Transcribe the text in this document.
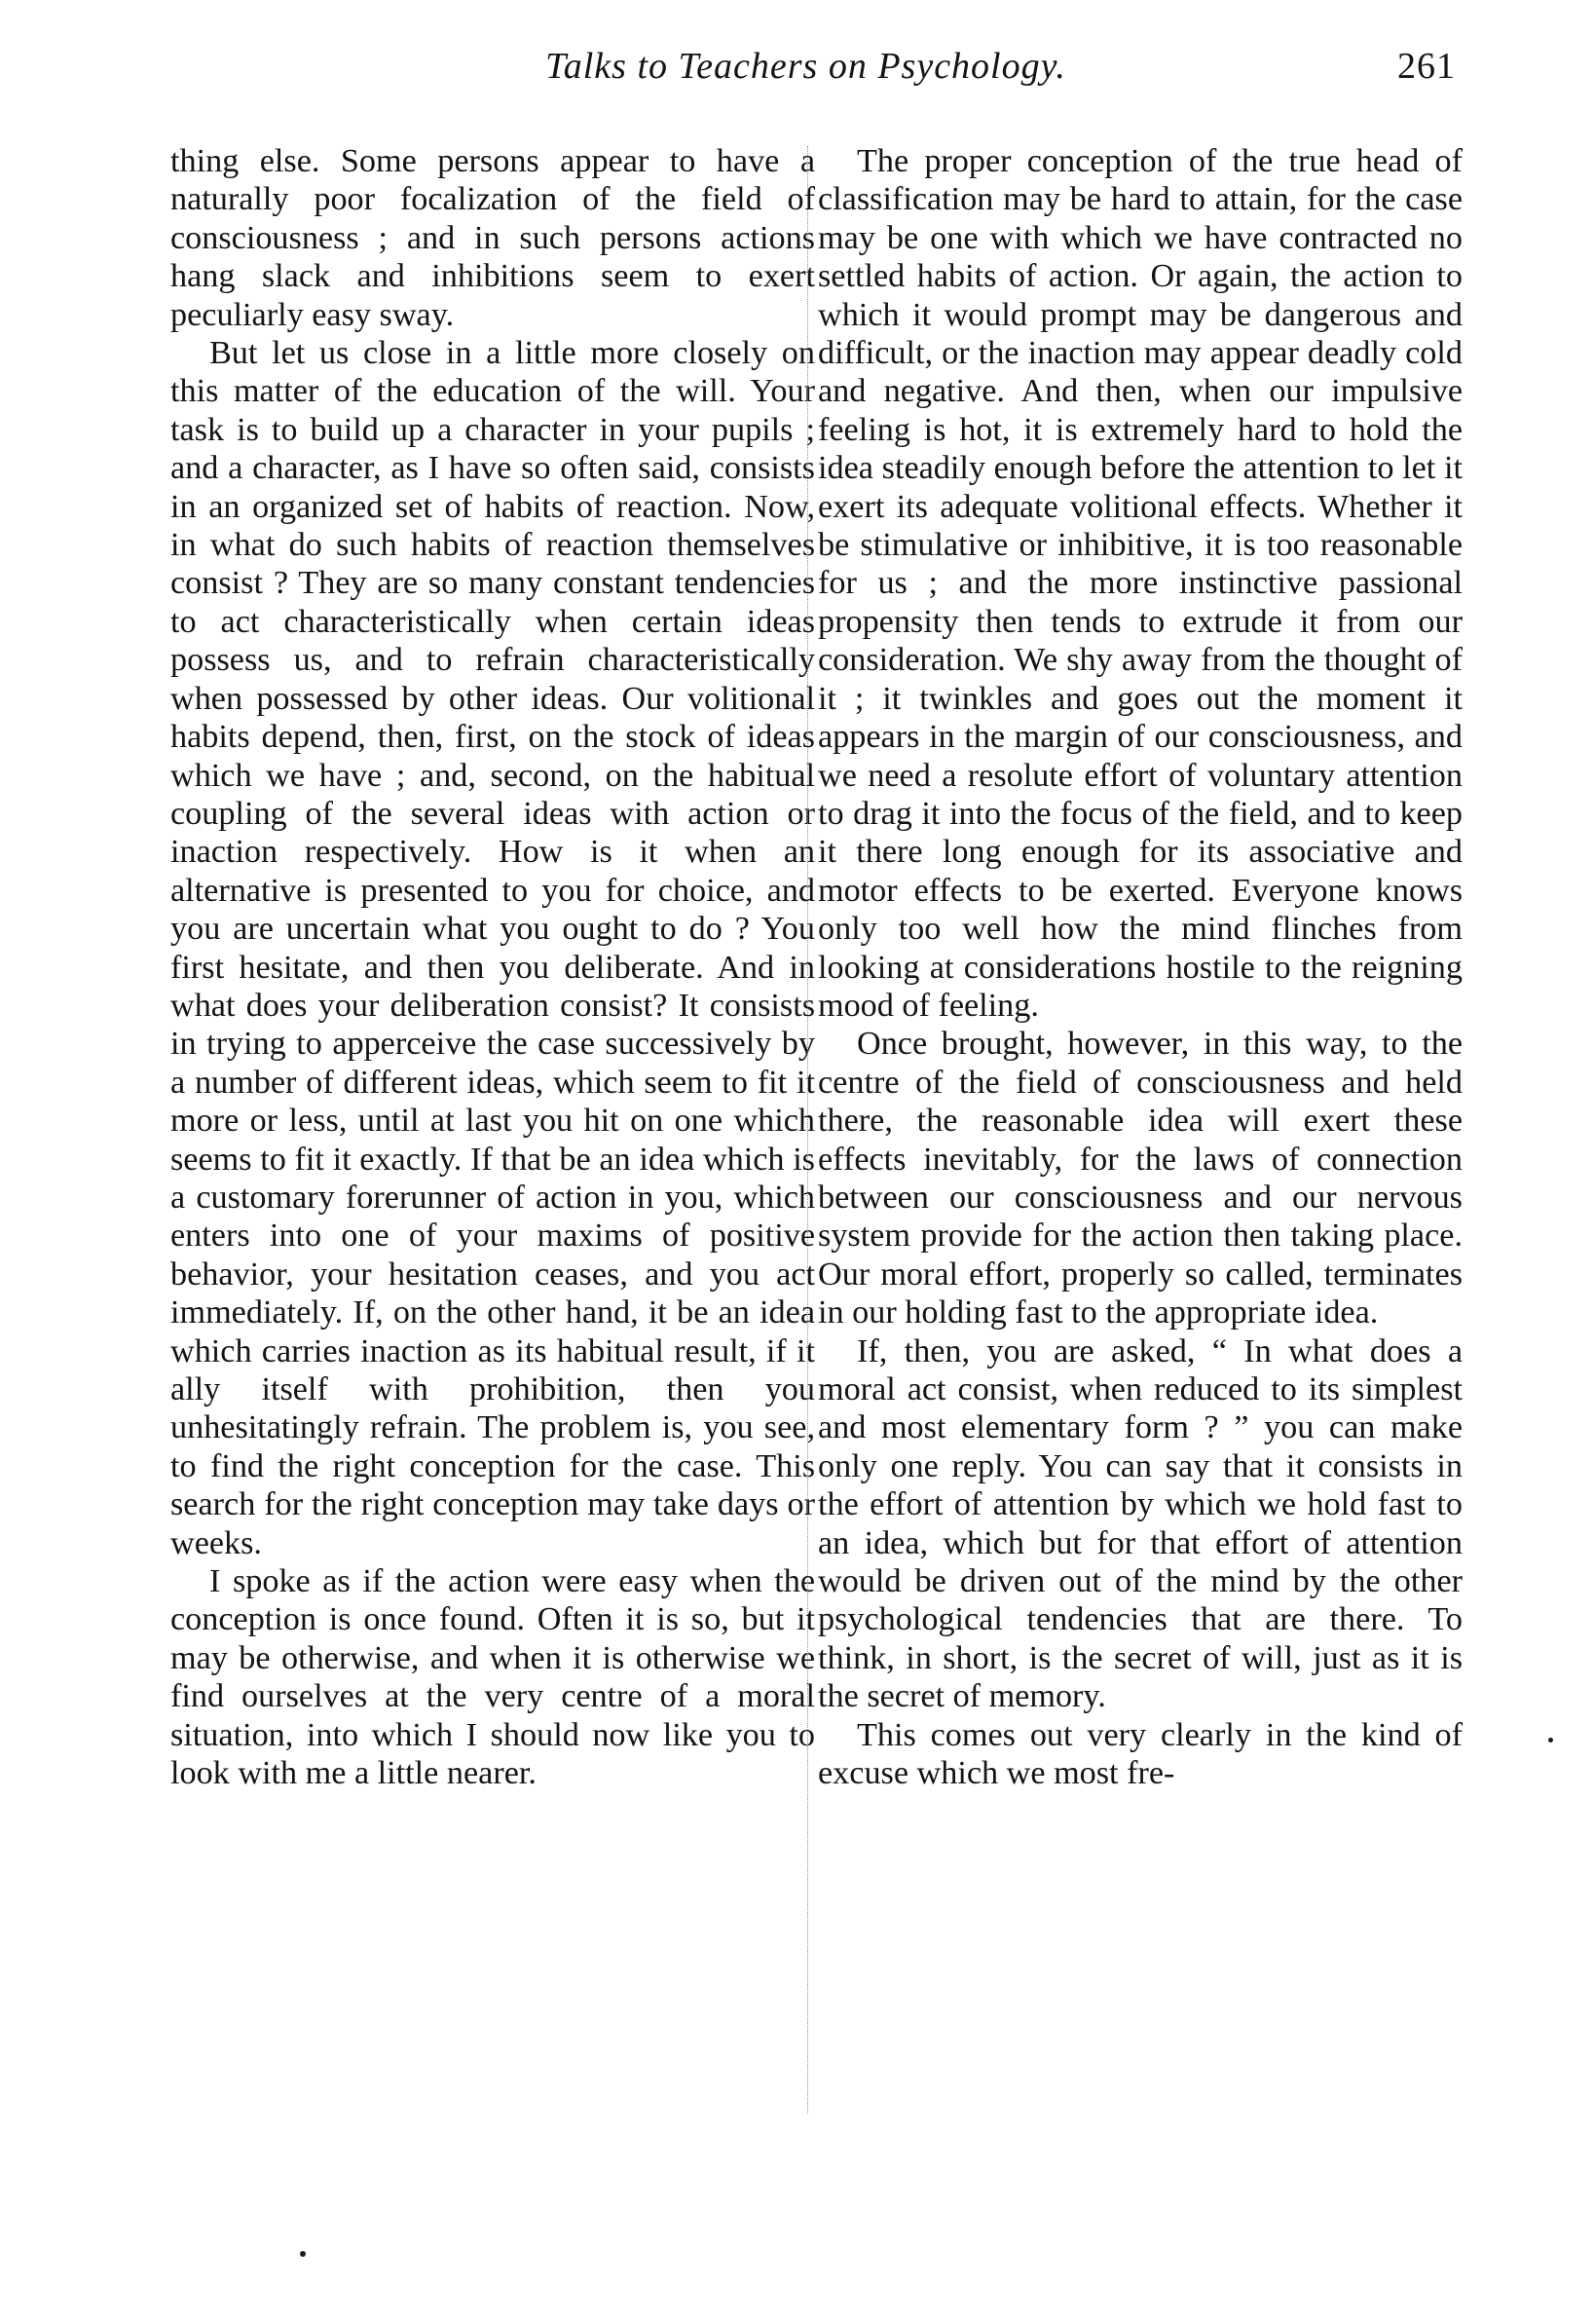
Talks to Teachers on Psychology.	261

thing else. Some persons appear to have a naturally poor focalization of the field of consciousness ; and in such persons actions hang slack and inhibitions seem to exert peculiarly easy sway.

But let us close in a little more closely on this matter of the education of the will. Your task is to build up a character in your pupils ; and a character, as I have so often said, consists in an organized set of habits of reaction. Now, in what do such habits of reaction themselves consist ? They are so many constant tendencies to act characteristically when certain ideas possess us, and to refrain characteristically when possessed by other ideas. Our volitional habits depend, then, first, on the stock of ideas which we have ; and, second, on the habitual coupling of the several ideas with action or inaction respectively. How is it when an alternative is presented to you for choice, and you are uncertain what you ought to do ? You first hesitate, and then you deliberate. And in what does your deliberation consist? It consists in trying to apperceive the case successively by a number of different ideas, which seem to fit it more or less, until at last you hit on one which seems to fit it exactly. If that be an idea which is a customary forerunner of action in you, which enters into one of your maxims of positive behavior, your hesitation ceases, and you act immediately. If, on the other hand, it be an idea which carries inaction as its habitual result, if it ally itself with prohibition, then you unhesitatingly refrain. The problem is, you see, to find the right conception for the case. This search for the right conception may take days or weeks.

I spoke as if the action were easy when the conception is once found. Often it is so, but it may be otherwise, and when it is otherwise we find ourselves at the very centre of a moral situation, into which I should now like you to look with me a little nearer.

The proper conception of the true head of classification may be hard to attain, for the case may be one with which we have contracted no settled habits of action. Or again, the action to which it would prompt may be dangerous and difficult, or the inaction may appear deadly cold and negative. And then, when our impulsive feeling is hot, it is extremely hard to hold the idea steadily enough before the attention to let it exert its adequate volitional effects. Whether it be stimulative or inhibitive, it is too reasonable for us ; and the more instinctive passional propensity then tends to extrude it from our consideration. We shy away from the thought of it ; it twinkles and goes out the moment it appears in the margin of our consciousness, and we need a resolute effort of voluntary attention to drag it into the focus of the field, and to keep it there long enough for its associative and motor effects to be exerted. Everyone knows only too well how the mind flinches from looking at considerations hostile to the reigning mood of feeling.

Once brought, however, in this way, to the centre of the field of consciousness and held there, the reasonable idea will exert these effects inevitably, for the laws of connection between our consciousness and our nervous system provide for the action then taking place. Our moral effort, properly so called, terminates in our holding fast to the appropriate idea.

If, then, you are asked, “ In what does a moral act consist, when reduced to its simplest and most elementary form ? ” you can make only one reply. You can say that it consists in the effort of attention by which we hold fast to an idea, which but for that effort of attention would be driven out of the mind by the other psychological tendencies that are there. To think, in short, is the secret of will, just as it is the secret of memory.

This comes out very clearly in the kind of excuse which we most fre-
